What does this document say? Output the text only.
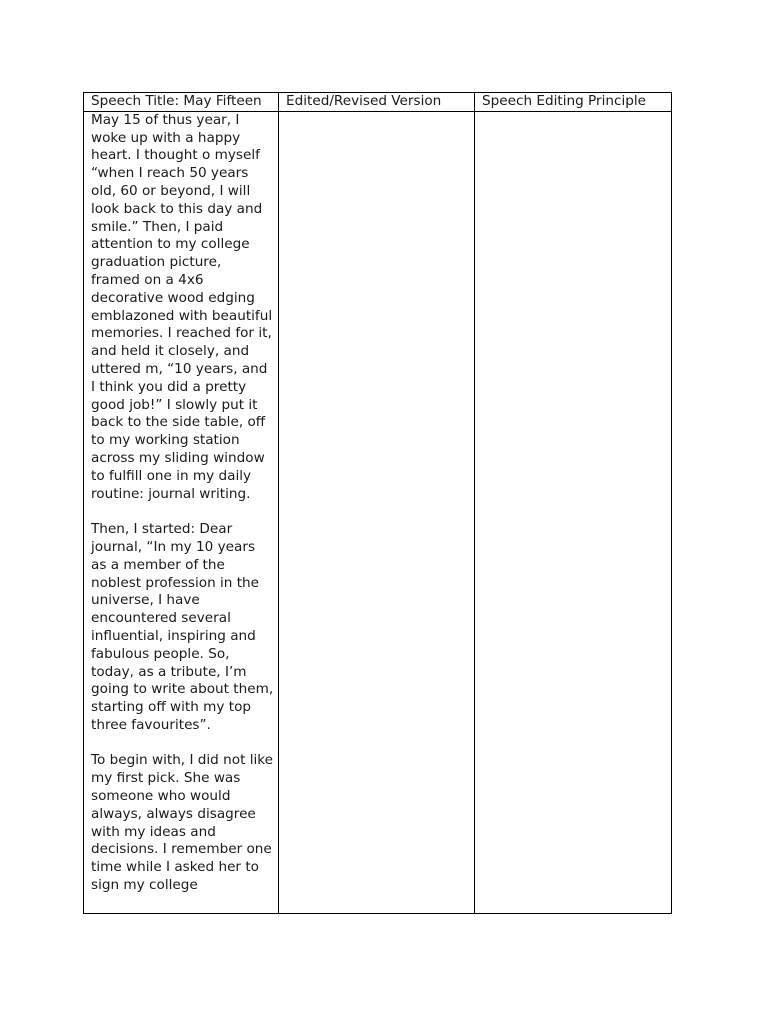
Speech Title: May Fifteen	Edited/Revised Version	Speech Editing Principle

May 15 of thus year, I woke up with a happy heart. I thought o myself “when I reach 50 years old, 60 or beyond, I will look back to this day and smile.” Then, I paid attention to my college graduation picture, framed on a 4x6 decorative wood edging emblazoned with beautiful memories. I reached for it, and held it closely, and uttered m, “10 years, and I think you did a pretty good job!” I slowly put it back to the side table, off to my working station across my sliding window to fulfill one in my daily routine: journal writing.

Then, I started: Dear journal, “In my 10 years as a member of the noblest profession in the universe, I have encountered several influential, inspiring and fabulous people. So, today, as a tribute, I’m going to write about them, starting off with my top three favourites”.

To begin with, I did not like my first pick. She was someone who would always, always disagree with my ideas and decisions. I remember one time while I asked her to sign my college		
